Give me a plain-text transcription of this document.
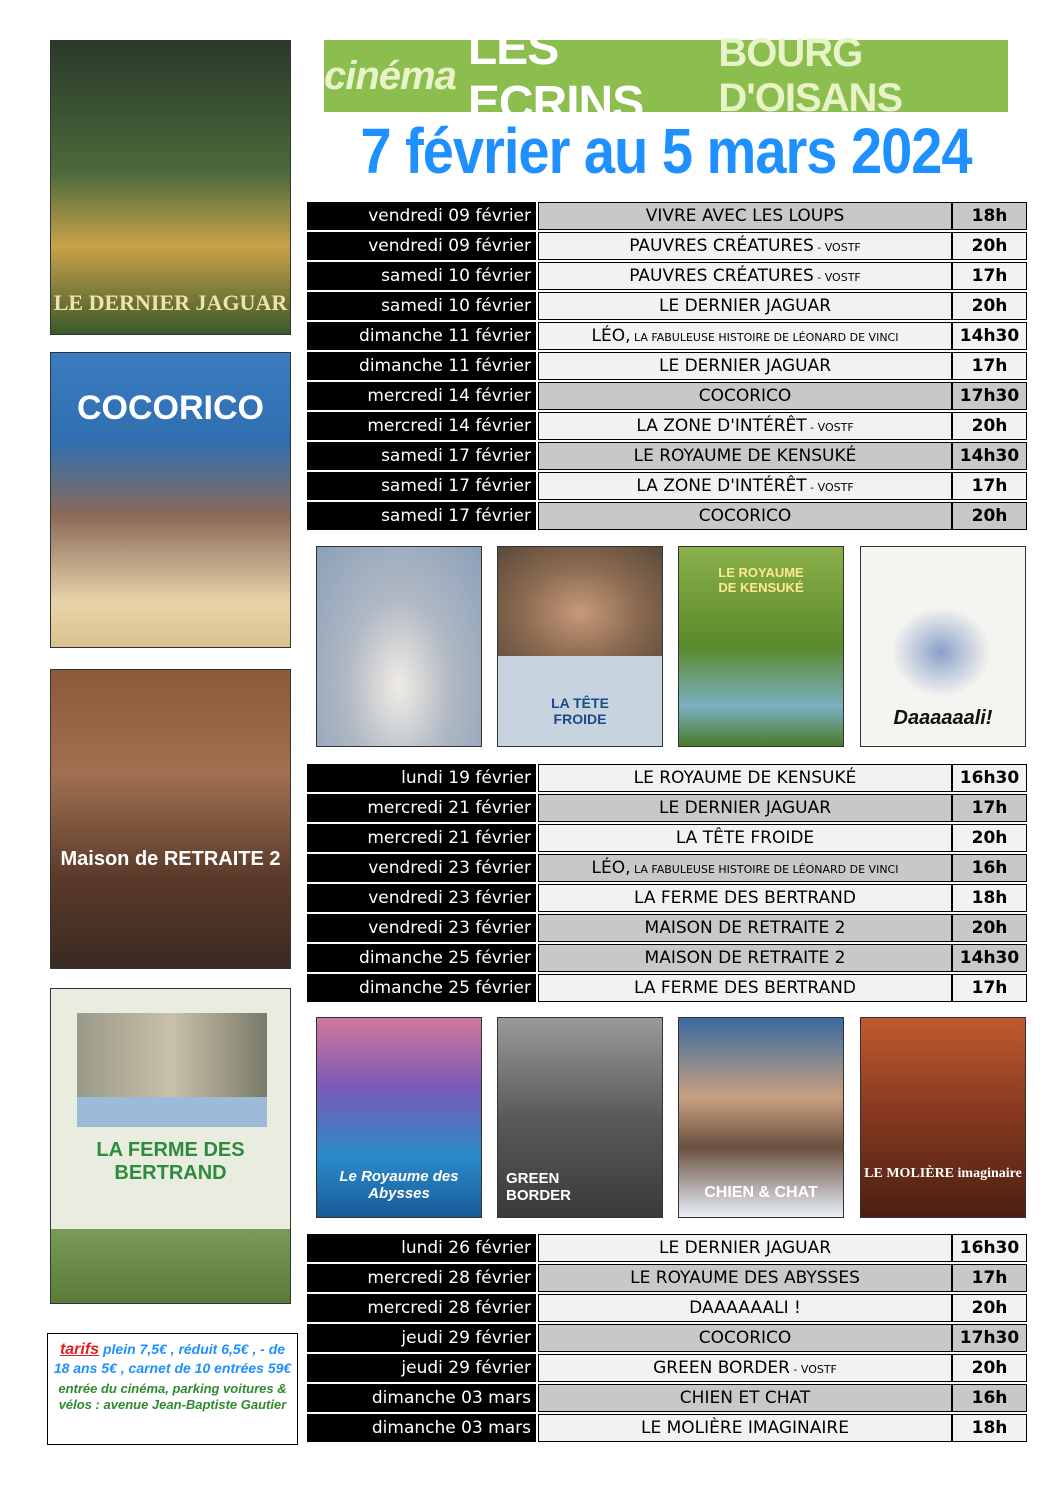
LE DERNIER JAGUAR
COCORICO
Maison de RETRAITE 2
LA FERME DES BERTRAND
cinéma
LES ECRINS
BOURG D'OISANS
7 février au 5 mars 2024
vendredi 09 février	VIVRE AVEC LES LOUPS	18h
vendredi 09 février	PAUVRES CRÉATURES - VOSTF	20h
samedi 10 février	PAUVRES CRÉATURES - VOSTF	17h
samedi 10 février	LE DERNIER JAGUAR	20h
dimanche 11 février	LÉO, LA FABULEUSE HISTOIRE DE LÉONARD DE VINCI	14h30
dimanche 11 février	LE DERNIER JAGUAR	17h
mercredi 14 février	COCORICO	17h30
mercredi 14 février	LA ZONE D'INTÉRÊT - VOSTF	20h
samedi 17 février	LE ROYAUME DE KENSUKÉ	14h30
samedi 17 février	LA ZONE D'INTÉRÊT - VOSTF	17h
samedi 17 février	COCORICO	20h
LA TÊTE FROIDE
LE ROYAUME DE KENSUKÉ
Daaaaaali!
lundi 19 février	LE ROYAUME DE KENSUKÉ	16h30
mercredi 21 février	LE DERNIER JAGUAR	17h
mercredi 21 février	LA TÊTE FROIDE	20h
vendredi 23 février	LÉO, LA FABULEUSE HISTOIRE DE LÉONARD DE VINCI	16h
vendredi 23 février	LA FERME DES BERTRAND	18h
vendredi 23 février	MAISON DE RETRAITE 2	20h
dimanche 25 février	MAISON DE RETRAITE 2	14h30
dimanche 25 février	LA FERME DES BERTRAND	17h
Le Royaume des Abysses
GREEN BORDER	CHIEN & CHAT
LE MOLIÈRE imaginaire
lundi 26 février	LE DERNIER JAGUAR	16h30
mercredi 28 février	LE ROYAUME DES ABYSSES	17h
mercredi 28 février	DAAAAAALI !	20h
jeudi 29 février	COCORICO	17h30
jeudi 29 février	GREEN BORDER - VOSTF	20h
dimanche 03 mars	CHIEN ET CHAT	16h
dimanche 03 mars	LE MOLIÈRE IMAGINAIRE	18h
tarifs plein 7,5€ , réduit 6,5€ , - de 18 ans 5€ , carnet de 10 entrées 59€
entrée du cinéma, parking voitures & vélos : avenue Jean-Baptiste Gautier
